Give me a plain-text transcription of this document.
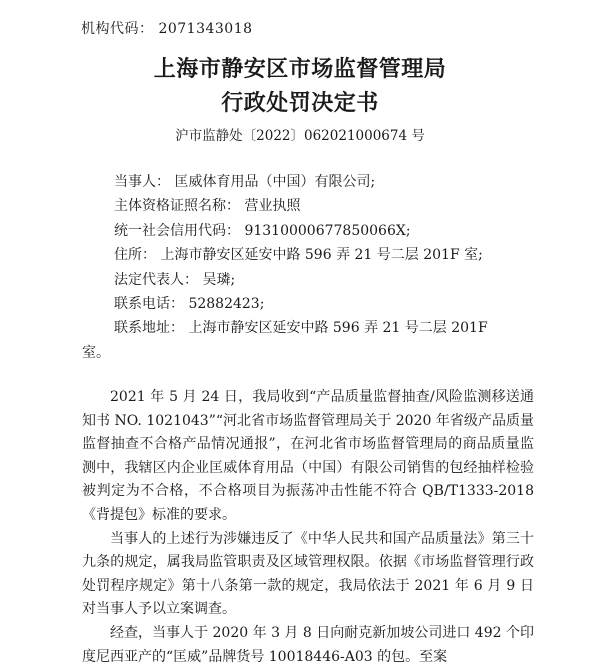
机构代码： 2071343018
上海市静安区市场监督管理局
行政处罚决定书
沪市监静处〔2022〕062021000674 号
当事人： 匡威体育用品（中国）有限公司;
主体资格证照名称： 营业执照
统一社会信用代码： 91310000677850066X;
住所： 上海市静安区延安中路 596 弄 21 号二层 201F 室;
法定代表人： 吴璘;
联系电话： 52882423;
联系地址： 上海市静安区延安中路 596 弄 21 号二层 201F
室。

2021 年 5 月 24 日，我局收到“产品质量监督抽查/风险监测移送通知书 NO. 1021043”“河北省市场监督管理局关于 2020 年省级产品质量监督抽查不合格产品情况通报”，在河北省市场监督管理局的商品质量监测中，我辖区内企业匡威体育用品（中国）有限公司销售的包经抽样检验被判定为不合格，不合格项目为振荡冲击性能不符合 QB/T1333-2018《背提包》标准的要求。

当事人的上述行为涉嫌违反了《中华人民共和国产品质量法》第三十九条的规定，属我局监管职责及区域管理权限。依据《市场监督管理行政处罚程序规定》第十八条第一款的规定，我局依法于 2021 年 6 月 9 日对当事人予以立案调查。

经查，当事人于 2020 年 3 月 8 日向耐克新加坡公司进口 492 个印度尼西亚产的“匡威”品牌货号 10018446-A03 的包。至案
